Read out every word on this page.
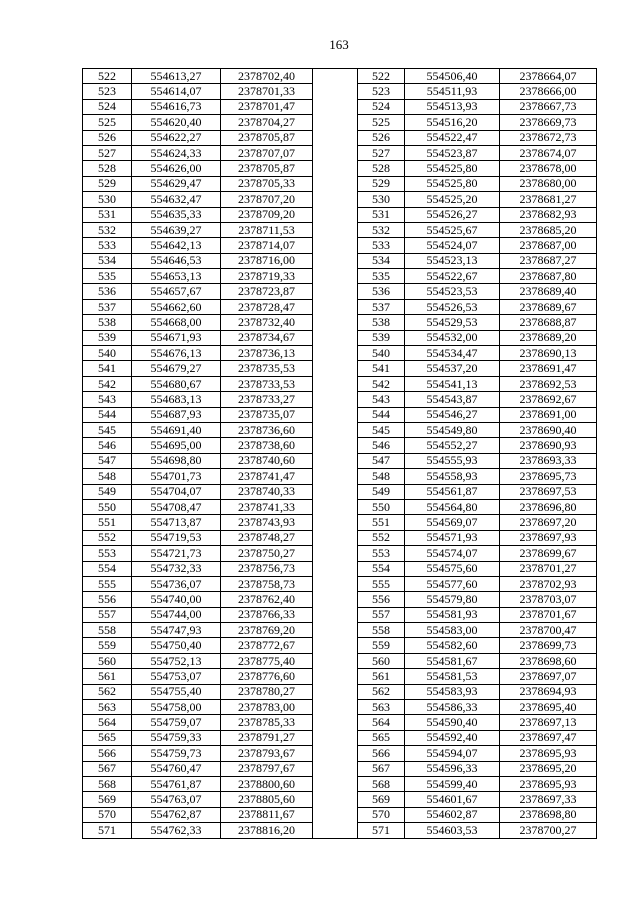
163
522	554613,27	2378702,40		522	554506,40	2378664,07
523	554614,07	2378701,33		523	554511,93	2378666,00
524	554616,73	2378701,47		524	554513,93	2378667,73
525	554620,40	2378704,27		525	554516,20	2378669,73
526	554622,27	2378705,87		526	554522,47	2378672,73
527	554624,33	2378707,07		527	554523,87	2378674,07
528	554626,00	2378705,87		528	554525,80	2378678,00
529	554629,47	2378705,33		529	554525,80	2378680,00
530	554632,47	2378707,20		530	554525,20	2378681,27
531	554635,33	2378709,20		531	554526,27	2378682,93
532	554639,27	2378711,53		532	554525,67	2378685,20
533	554642,13	2378714,07		533	554524,07	2378687,00
534	554646,53	2378716,00		534	554523,13	2378687,27
535	554653,13	2378719,33		535	554522,67	2378687,80
536	554657,67	2378723,87		536	554523,53	2378689,40
537	554662,60	2378728,47		537	554526,53	2378689,67
538	554668,00	2378732,40		538	554529,53	2378688,87
539	554671,93	2378734,67		539	554532,00	2378689,20
540	554676,13	2378736,13		540	554534,47	2378690,13
541	554679,27	2378735,53		541	554537,20	2378691,47
542	554680,67	2378733,53		542	554541,13	2378692,53
543	554683,13	2378733,27		543	554543,87	2378692,67
544	554687,93	2378735,07		544	554546,27	2378691,00
545	554691,40	2378736,60		545	554549,80	2378690,40
546	554695,00	2378738,60		546	554552,27	2378690,93
547	554698,80	2378740,60		547	554555,93	2378693,33
548	554701,73	2378741,47		548	554558,93	2378695,73
549	554704,07	2378740,33		549	554561,87	2378697,53
550	554708,47	2378741,33		550	554564,80	2378696,80
551	554713,87	2378743,93		551	554569,07	2378697,20
552	554719,53	2378748,27		552	554571,93	2378697,93
553	554721,73	2378750,27		553	554574,07	2378699,67
554	554732,33	2378756,73		554	554575,60	2378701,27
555	554736,07	2378758,73		555	554577,60	2378702,93
556	554740,00	2378762,40		556	554579,80	2378703,07
557	554744,00	2378766,33		557	554581,93	2378701,67
558	554747,93	2378769,20		558	554583,00	2378700,47
559	554750,40	2378772,67		559	554582,60	2378699,73
560	554752,13	2378775,40		560	554581,67	2378698,60
561	554753,07	2378776,60		561	554581,53	2378697,07
562	554755,40	2378780,27		562	554583,93	2378694,93
563	554758,00	2378783,00		563	554586,33	2378695,40
564	554759,07	2378785,33		564	554590,40	2378697,13
565	554759,33	2378791,27		565	554592,40	2378697,47
566	554759,73	2378793,67		566	554594,07	2378695,93
567	554760,47	2378797,67		567	554596,33	2378695,20
568	554761,87	2378800,60		568	554599,40	2378695,93
569	554763,07	2378805,60		569	554601,67	2378697,33
570	554762,87	2378811,67		570	554602,87	2378698,80
571	554762,33	2378816,20		571	554603,53	2378700,27
